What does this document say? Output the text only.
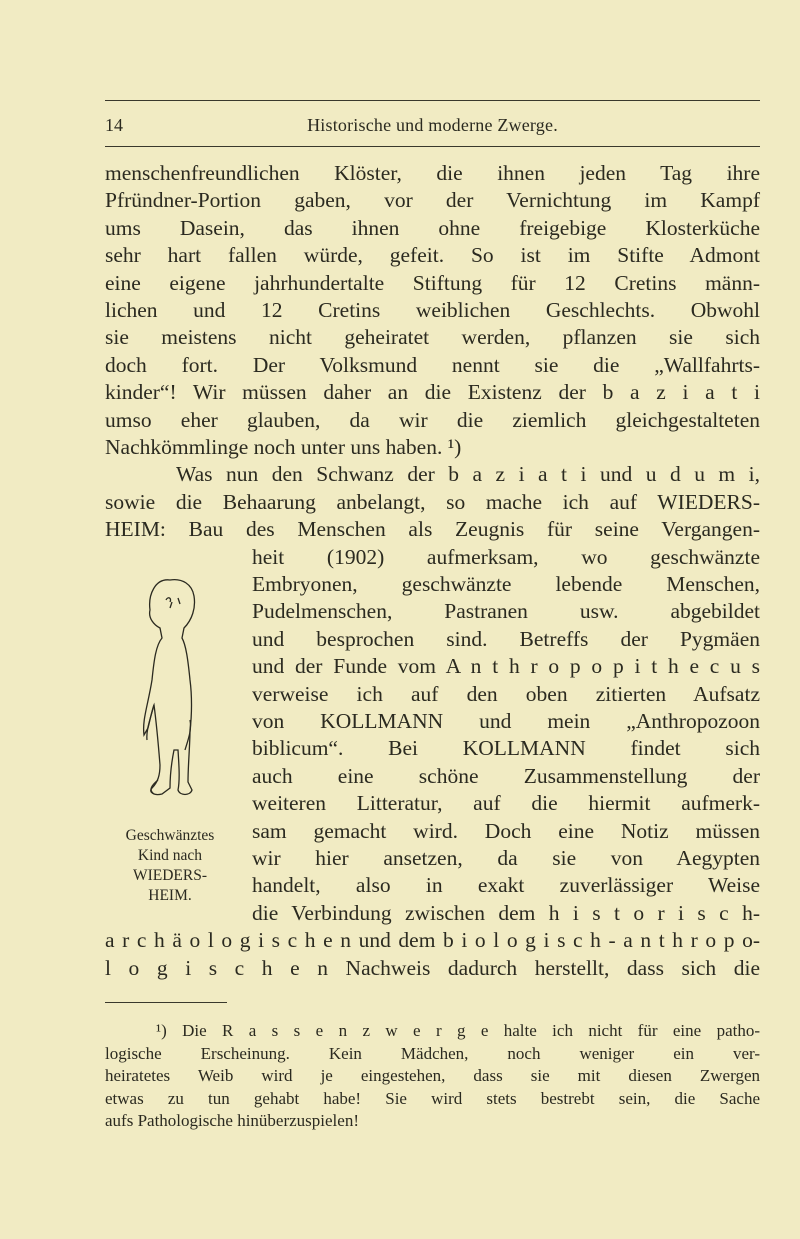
14	Historische und moderne Zwerge.
menschenfreundlichen Klöster, die ihnen jeden Tag ihre
Pfründner-Portion gaben, vor der Vernichtung im Kampf
ums Dasein, das ihnen ohne freigebige Klosterküche
sehr hart fallen würde, gefeit. So ist im Stifte Admont
eine eigene jahrhundertalte Stiftung für 12 Cretins männ-
lichen und 12 Cretins weiblichen Geschlechts. Obwohl
sie meistens nicht geheiratet werden, pflanzen sie sich
doch fort. Der Volksmund nennt sie die „Wallfahrts-
kinder“! Wir müssen daher an die Existenz der b a z i a t i
umso eher glauben, da wir die ziemlich gleichgestalteten
Nachkömmlinge noch unter uns haben. ¹)
Was nun den Schwanz der b a z i a t i und u d u m i,
sowie die Behaarung anbelangt, so mache ich auf WIEDERS-
HEIM: Bau des Menschen als Zeugnis für seine Vergangen-
heit (1902) aufmerksam, wo geschwänzte
Embryonen, geschwänzte lebende Menschen,
Pudelmenschen, Pastranen usw. abgebildet
und besprochen sind. Betreffs der Pygmäen
und der Funde vom A n t h r o p o p i t h e c u s
verweise ich auf den oben zitierten Aufsatz
von KOLLMANN und mein „Anthropozoon
biblicum“. Bei KOLLMANN findet sich
auch eine schöne Zusammenstellung der
weiteren Litteratur, auf die hiermit aufmerk-
sam gemacht wird. Doch eine Notiz müssen
wir hier ansetzen, da sie von Aegypten
handelt, also in exakt zuverlässiger Weise
die Verbindung zwischen dem h i s t o r i s c h-
a r c h ä o l o g i s c h e n und dem b i o l o g i s c h - a n t h r o p o-
l o g i s c h e n Nachweis dadurch herstellt, dass sich die
Geschwänztes
Kind nach
WIEDERS-
HEIM.
¹) Die R a s s e n z w e r g e halte ich nicht für eine patho-
logische Erscheinung. Kein Mädchen, noch weniger ein ver-
heiratetes Weib wird je eingestehen, dass sie mit diesen Zwergen
etwas zu tun gehabt habe! Sie wird stets bestrebt sein, die Sache
aufs Pathologische hinüberzuspielen!
